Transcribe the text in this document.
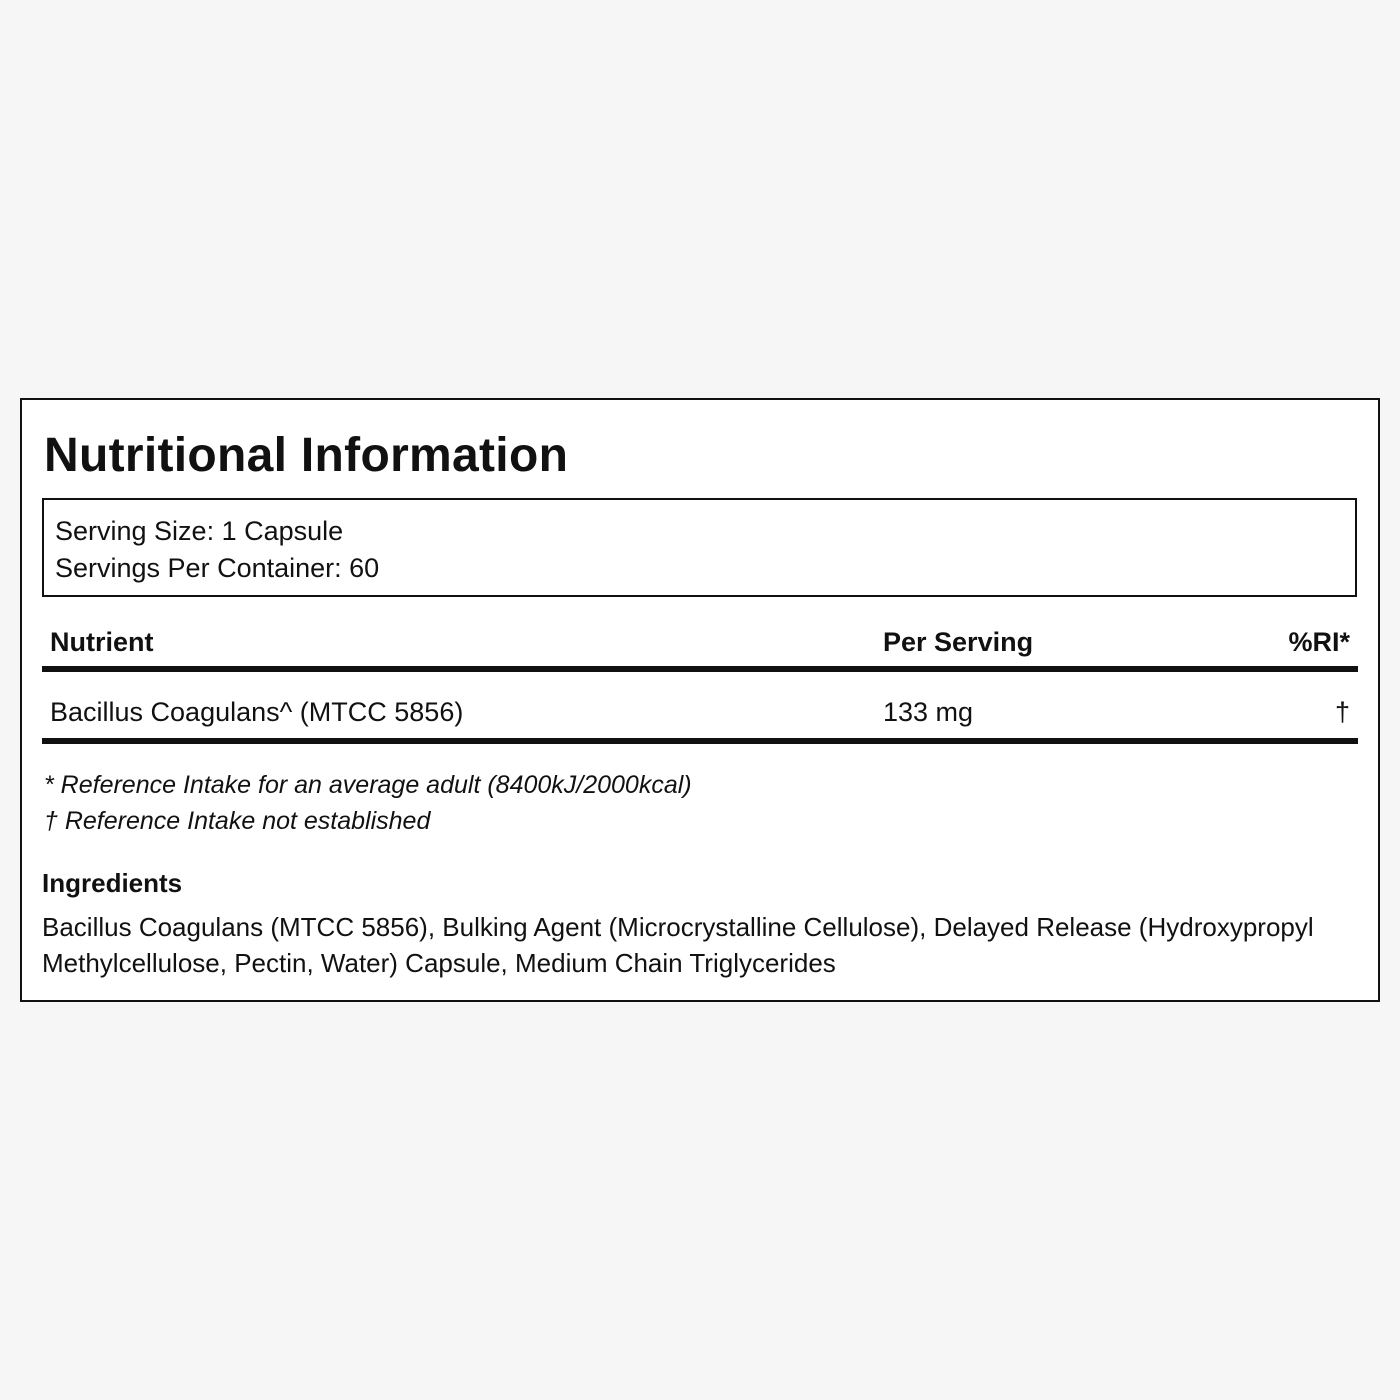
Nutritional Information
Serving Size: 1 Capsule
Servings Per Container: 60
Nutrient	Per Serving	%RI*
Bacillus Coagulans^ (MTCC 5856)	133 mg	†
* Reference Intake for an average adult (8400kJ/2000kcal)
† Reference Intake not established
Ingredients
Bacillus Coagulans (MTCC 5856), Bulking Agent (Microcrystalline Cellulose), Delayed Release (Hydroxypropyl Methylcellulose, Pectin, Water) Capsule, Medium Chain Triglycerides
